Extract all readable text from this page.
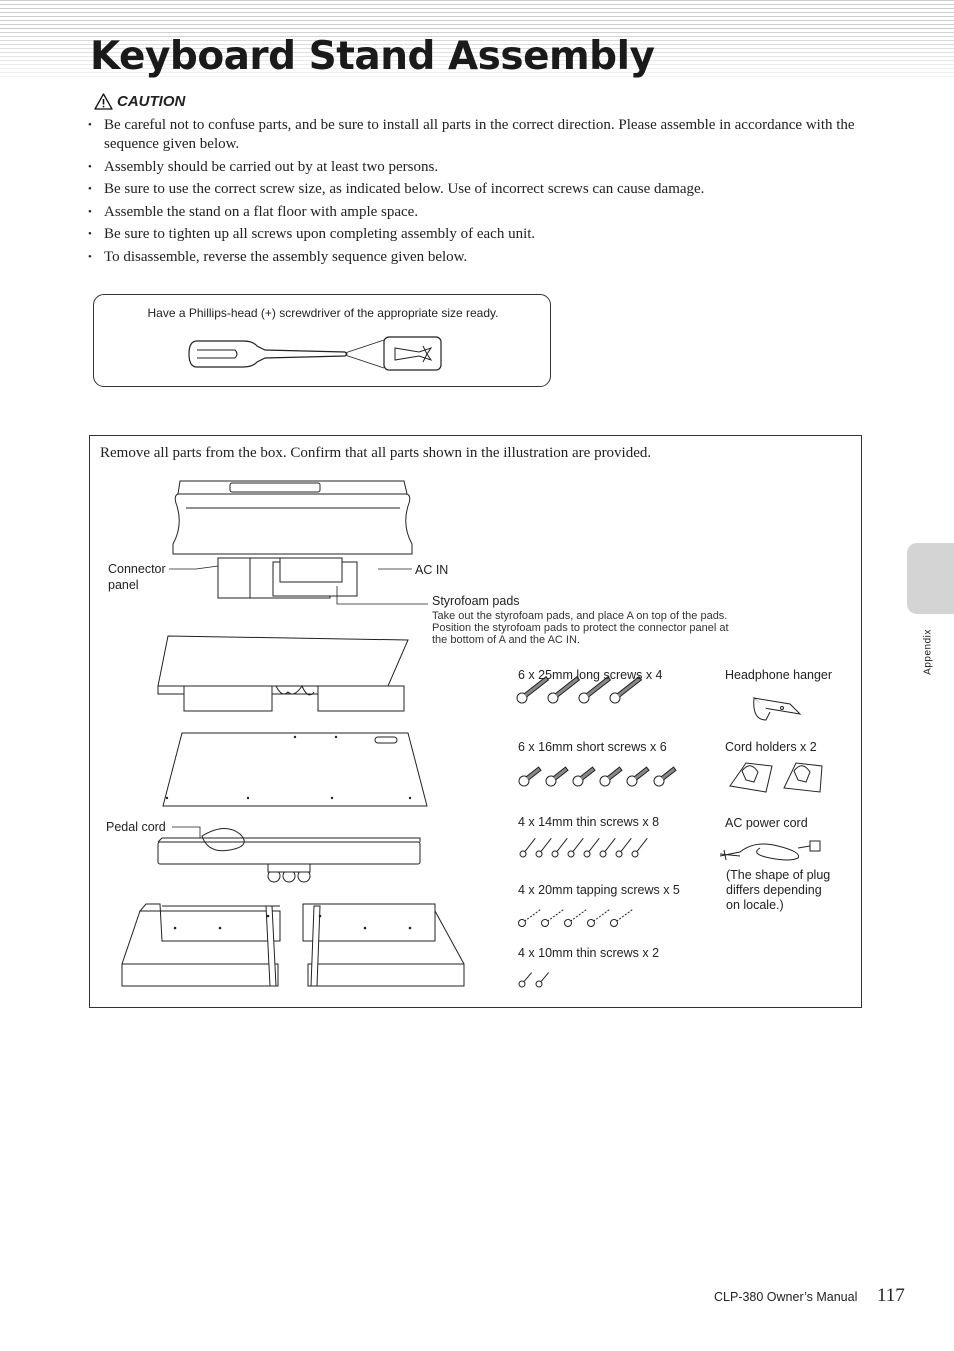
Keyboard Stand Assembly
CAUTION
• Be careful not to confuse parts, and be sure to install all parts in the correct direction. Please assemble in accordance with the sequence given below.
• Assembly should be carried out by at least two persons.
• Be sure to use the correct screw size, as indicated below. Use of incorrect screws can cause damage.
• Assemble the stand on a flat floor with ample space.
• Be sure to tighten up all screws upon completing assembly of each unit.
• To disassemble, reverse the assembly sequence given below.
Have a Phillips-head (+) screwdriver of the appropriate size ready.
Remove all parts from the box. Confirm that all parts shown in the illustration are provided.
Connector
panel
AC IN
Styrofoam pads
Take out the styrofoam pads, and place A on top of the pads.
Position the styrofoam pads to protect the connector panel at
the bottom of A and the AC IN.
Pedal cord
6 x 25mm long screws x 4
6 x 16mm short screws x 6
4 x 14mm thin screws x 8
4 x 20mm tapping screws x 5
4 x 10mm thin screws x 2
Headphone hanger
Cord holders x 2
AC power cord
(The shape of plug
differs depending
on locale.)
Appendix
CLP-380 Owner’s Manual 117
